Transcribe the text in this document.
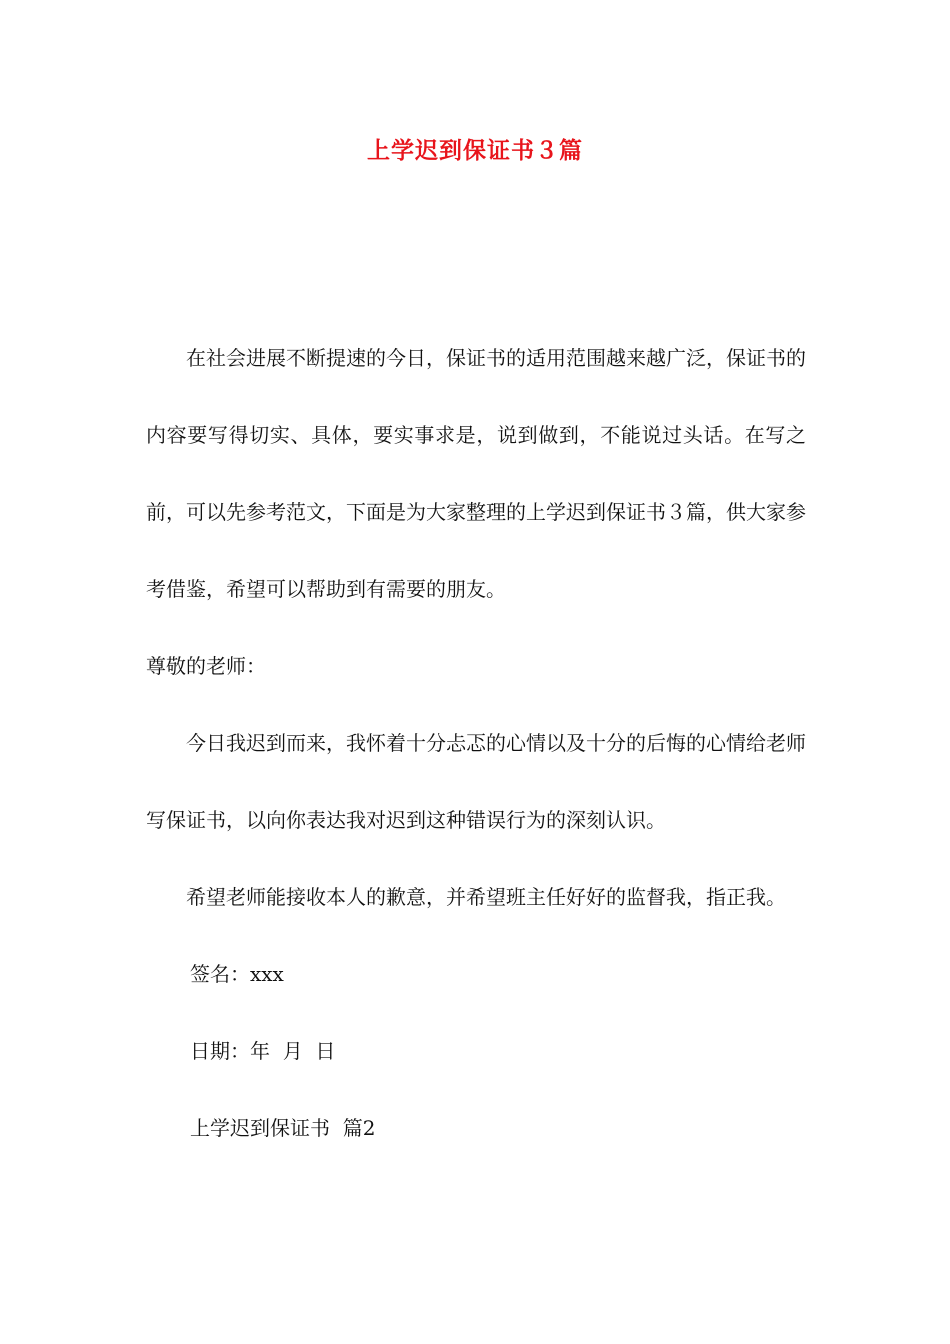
上学迟到保证书３篇

在社会进展不断提速的今日，保证书的适用范围越来越广泛，保证书的内容要写得切实、具体，要实事求是，说到做到，不能说过头话。在写之前，可以先参考范文，下面是为大家整理的上学迟到保证书３篇，供大家参考借鉴，希望可以帮助到有需要的朋友。

尊敬的老师：

今日我迟到而来，我怀着十分忐忑的心情以及十分的后悔的心情给老师写保证书，以向你表达我对迟到这种错误行为的深刻认识。

希望老师能接收本人的歉意，并希望班主任好好的监督我，指正我。

签名：xxx

日期：年  月  日

上学迟到保证书  篇2
